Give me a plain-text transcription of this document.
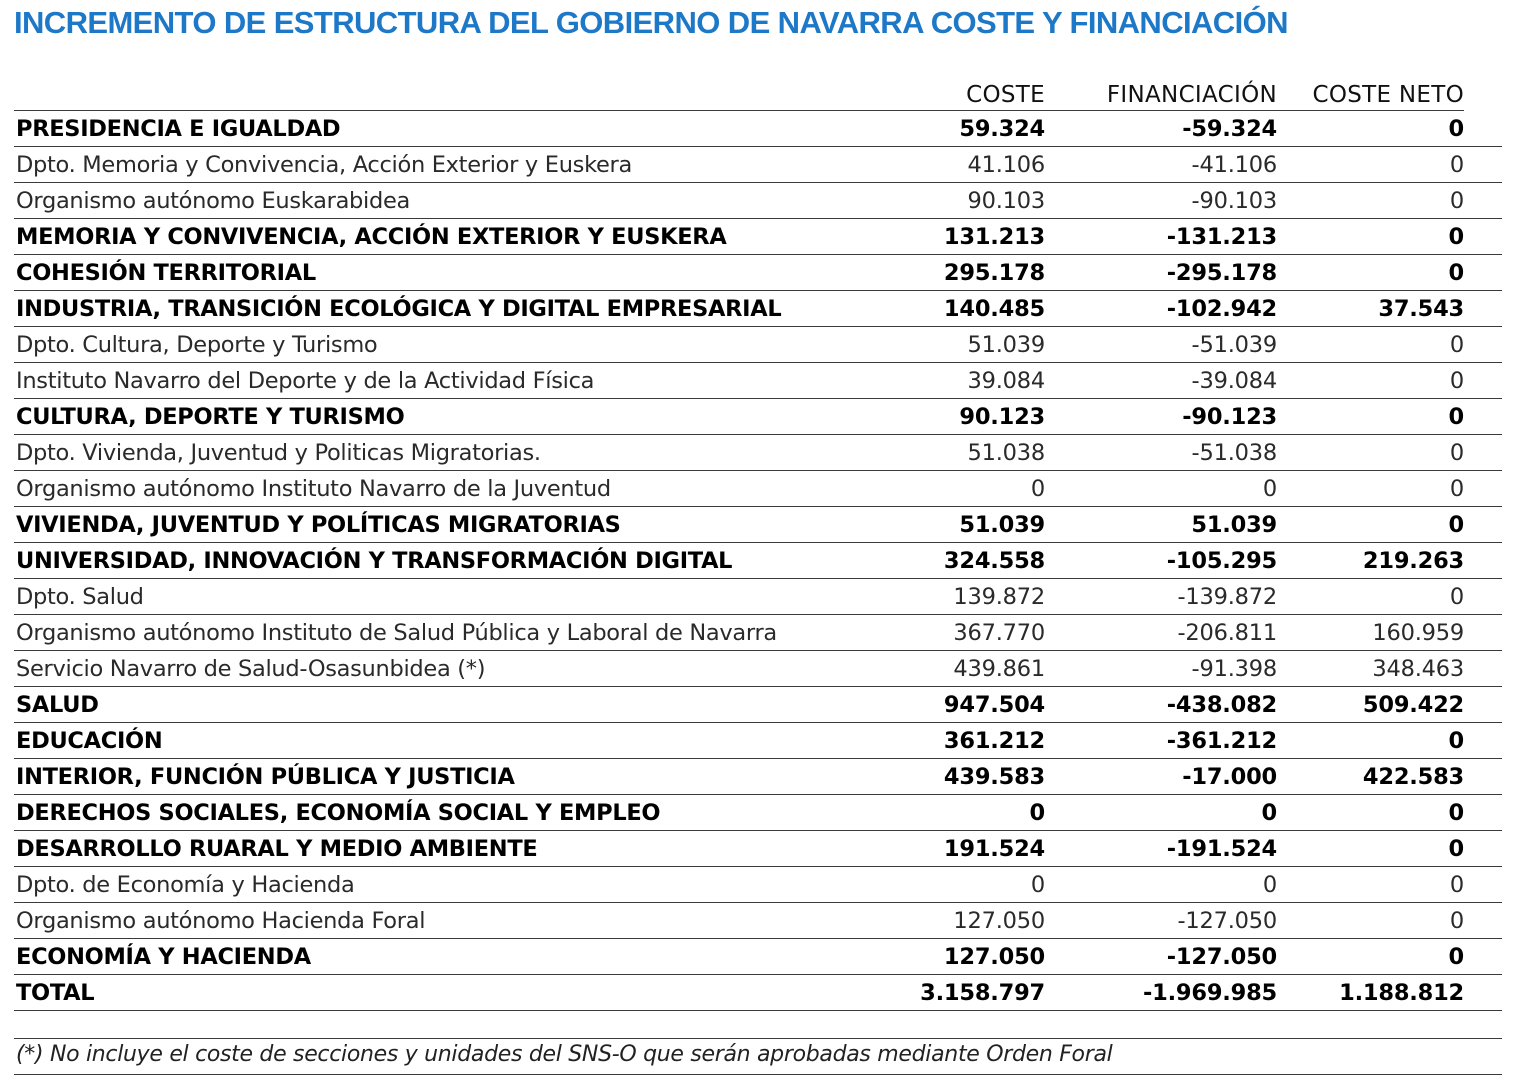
INCREMENTO DE ESTRUCTURA DEL GOBIERNO DE NAVARRA COSTE Y FINANCIACIÓN
	COSTE	FINANCIACIÓN	COSTE NETO	
PRESIDENCIA E IGUALDAD	59.324	-59.324	0	
Dpto. Memoria y Convivencia, Acción Exterior y Euskera	41.106	-41.106	0	
Organismo autónomo Euskarabidea	90.103	-90.103	0	
MEMORIA Y CONVIVENCIA, ACCIÓN EXTERIOR Y EUSKERA	131.213	-131.213	0	
COHESIÓN TERRITORIAL	295.178	-295.178	0	
INDUSTRIA, TRANSICIÓN ECOLÓGICA Y DIGITAL EMPRESARIAL	140.485	-102.942	37.543	
Dpto. Cultura, Deporte y Turismo	51.039	-51.039	0	
Instituto Navarro del Deporte y de la Actividad Física	39.084	-39.084	0	
CULTURA, DEPORTE Y TURISMO	90.123	-90.123	0	
Dpto. Vivienda, Juventud y Politicas Migratorias.	51.038	-51.038	0	
Organismo autónomo Instituto Navarro de la Juventud	0	0	0	
VIVIENDA, JUVENTUD Y POLÍTICAS MIGRATORIAS	51.039	51.039	0	
UNIVERSIDAD, INNOVACIÓN Y TRANSFORMACIÓN DIGITAL	324.558	-105.295	219.263	
Dpto. Salud	139.872	-139.872	0	
Organismo autónomo Instituto de Salud Pública y Laboral de Navarra	367.770	-206.811	160.959	
Servicio Navarro de Salud-Osasunbidea (*)	439.861	-91.398	348.463	
SALUD	947.504	-438.082	509.422	
EDUCACIÓN	361.212	-361.212	0	
INTERIOR, FUNCIÓN PÚBLICA Y JUSTICIA	439.583	-17.000	422.583	
DERECHOS SOCIALES, ECONOMÍA SOCIAL Y EMPLEO	0	0	0	
DESARROLLO RUARAL Y MEDIO AMBIENTE	191.524	-191.524	0	
Dpto. de Economía y Hacienda	0	0	0	
Organismo autónomo Hacienda Foral	127.050	-127.050	0	
ECONOMÍA Y HACIENDA	127.050	-127.050	0	
TOTAL	3.158.797	-1.969.985	1.188.812	
(*) No incluye el coste de secciones y unidades del SNS-O que serán aprobadas mediante Orden Foral
